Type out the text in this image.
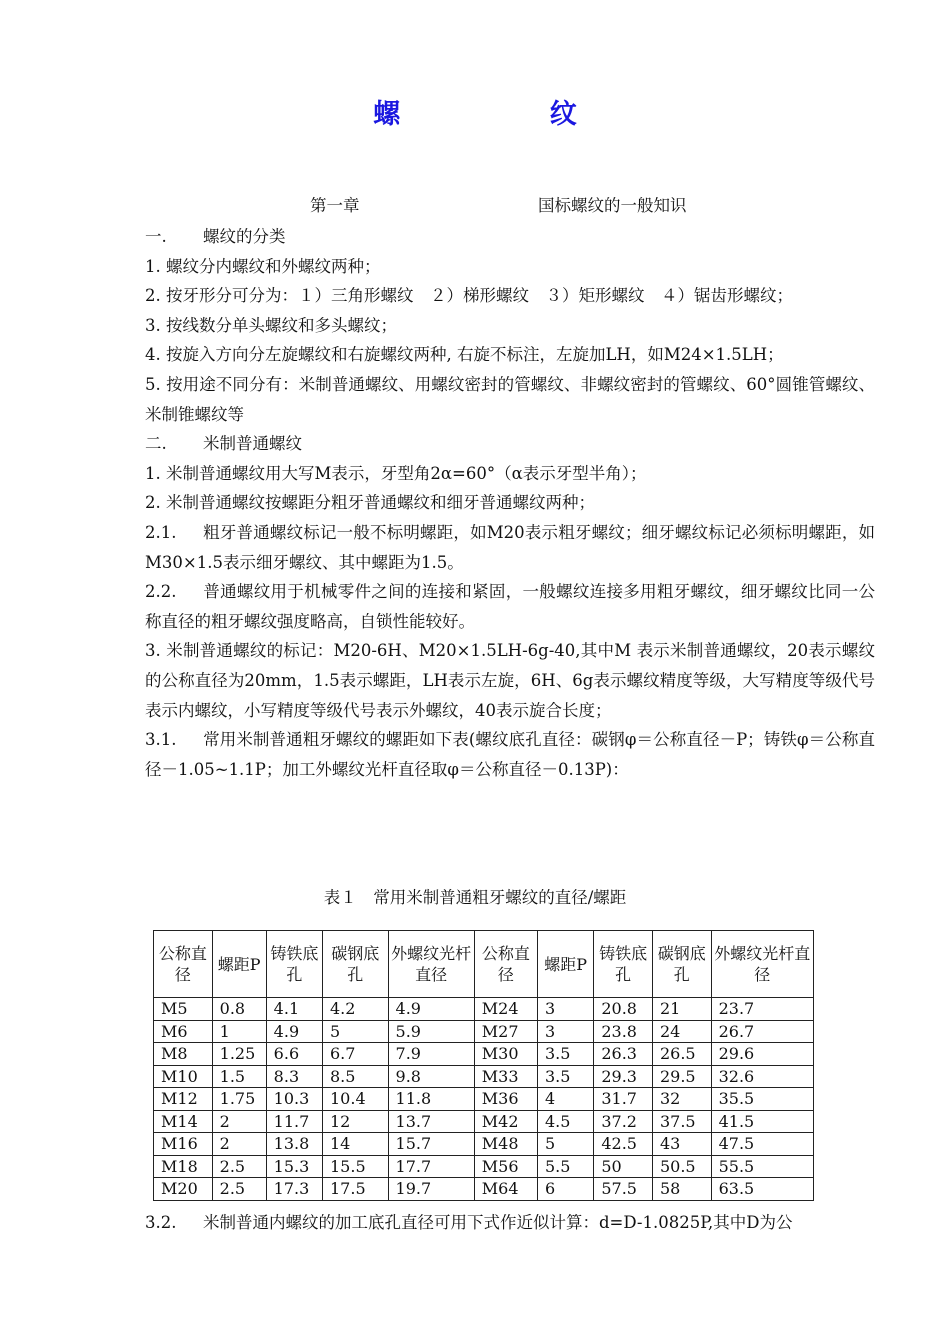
螺 纹
第一章	国标螺纹的一般知识

一. 螺纹的分类

1. 螺纹分内螺纹和外螺纹两种；

2. 按牙形分可分为：１）三角形螺纹　２）梯形螺纹　３）矩形螺纹　４）锯齿形螺纹；

3. 按线数分单头螺纹和多头螺纹；

4. 按旋入方向分左旋螺纹和右旋螺纹两种, 右旋不标注，左旋加LH，如M24×1.5LH；

5. 按用途不同分有：米制普通螺纹、用螺纹密封的管螺纹、非螺纹密封的管螺纹、60°圆锥管螺纹、米制锥螺纹等

二. 米制普通螺纹

1. 米制普通螺纹用大写M表示，牙型角2α=60°（α表示牙型半角）；

2. 米制普通螺纹按螺距分粗牙普通螺纹和细牙普通螺纹两种；

2.1. 粗牙普通螺纹标记一般不标明螺距，如M20表示粗牙螺纹；细牙螺纹标记必须标明螺距，如M30×1.5表示细牙螺纹、其中螺距为1.5。

2.2. 普通螺纹用于机械零件之间的连接和紧固，一般螺纹连接多用粗牙螺纹，细牙螺纹比同一公称直径的粗牙螺纹强度略高，自锁性能较好。

3. 米制普通螺纹的标记：M20-6H、M20×1.5LH-6g-40,其中M 表示米制普通螺纹，20表示螺纹的公称直径为20mm，1.5表示螺距，LH表示左旋，6H、6g表示螺纹精度等级，大写精度等级代号表示内螺纹，小写精度等级代号表示外螺纹，40表示旋合长度；

3.1. 常用米制普通粗牙螺纹的螺距如下表(螺纹底孔直径：碳钢φ＝公称直径－P；铸铁φ＝公称直径－1.05~1.1P；加工外螺纹光杆直径取φ＝公称直径－0.13P)：

表１　常用米制普通粗牙螺纹的直径/螺距
公称直径	螺距P	铸铁底孔	碳钢底孔	外螺纹光杆直径	公称直径	螺距P	铸铁底孔	碳钢底孔	外螺纹光杆直径
M5	0.8	4.1	4.2	4.9	M24	3	20.8	21	23.7
M6	1	4.9	5	5.9	M27	3	23.8	24	26.7
M8	1.25	6.6	6.7	7.9	M30	3.5	26.3	26.5	29.6
M10	1.5	8.3	8.5	9.8	M33	3.5	29.3	29.5	32.6
M12	1.75	10.3	10.4	11.8	M36	4	31.7	32	35.5
M14	2	11.7	12	13.7	M42	4.5	37.2	37.5	41.5
M16	2	13.8	14	15.7	M48	5	42.5	43	47.5
M18	2.5	15.3	15.5	17.7	M56	5.5	50	50.5	55.5
M20	2.5	17.3	17.5	19.7	M64	6	57.5	58	63.5
3.2. 米制普通内螺纹的加工底孔直径可用下式作近似计算：d=D-1.0825P,其中D为公
